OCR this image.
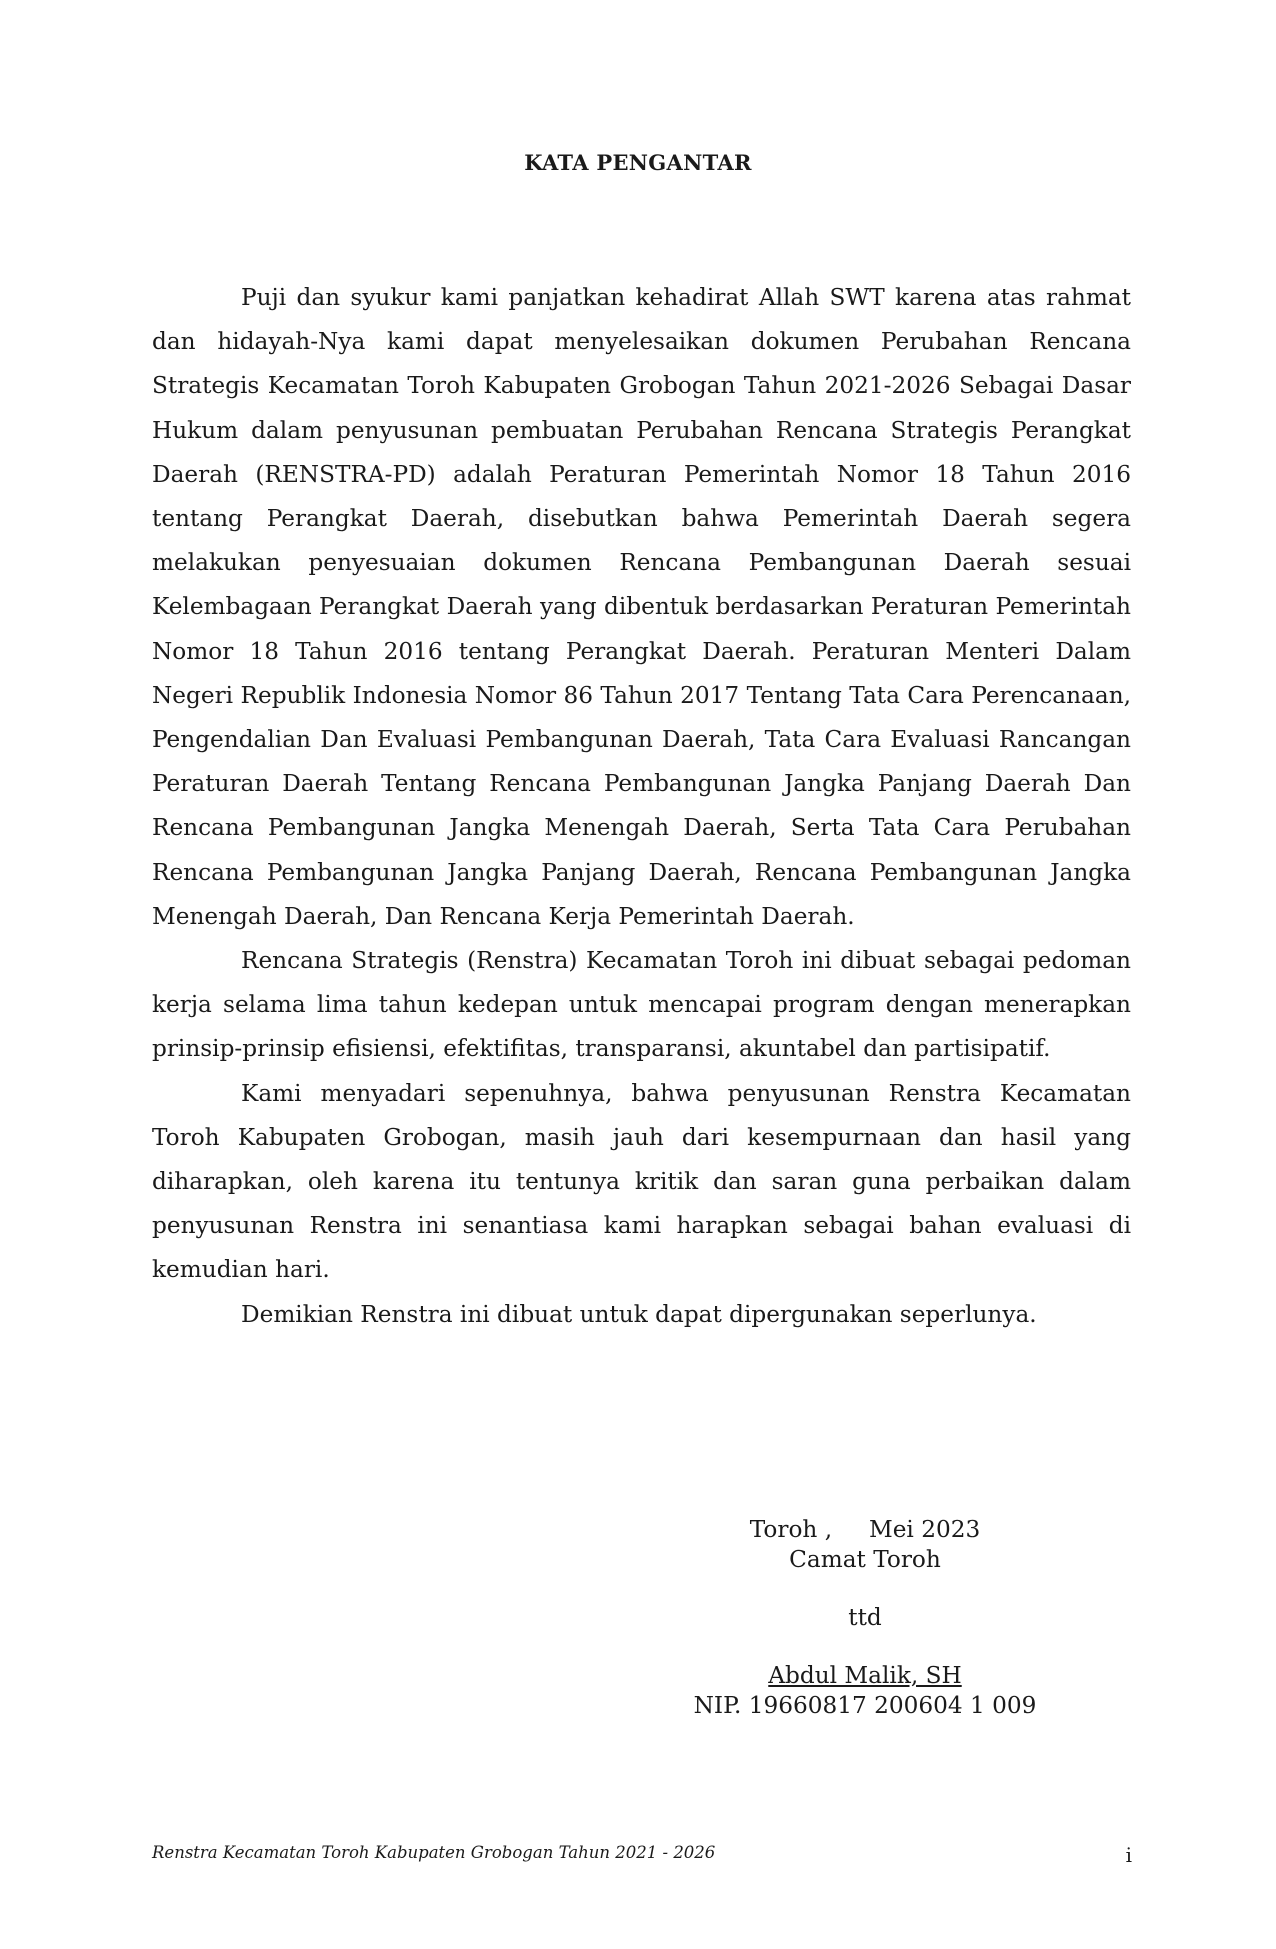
KATA PENGANTAR

Puji dan syukur kami panjatkan kehadirat Allah SWT karena atas rahmat dan hidayah-Nya kami dapat menyelesaikan dokumen Perubahan Rencana Strategis Kecamatan Toroh Kabupaten Grobogan Tahun 2021-2026 Sebagai Dasar Hukum dalam penyusunan pembuatan Perubahan Rencana Strategis Perangkat Daerah (RENSTRA-PD) adalah Peraturan Pemerintah Nomor 18 Tahun 2016 tentang Perangkat Daerah, disebutkan bahwa Pemerintah Daerah segera melakukan penyesuaian dokumen Rencana Pembangunan Daerah sesuai Kelembagaan Perangkat Daerah yang dibentuk berdasarkan Peraturan Pemerintah Nomor 18 Tahun 2016 tentang Perangkat Daerah. Peraturan Menteri Dalam Negeri Republik Indonesia Nomor 86 Tahun 2017 Tentang Tata Cara Perencanaan, Pengendalian Dan Evaluasi Pembangunan Daerah, Tata Cara Evaluasi Rancangan Peraturan Daerah Tentang Rencana Pembangunan Jangka Panjang Daerah Dan Rencana Pembangunan Jangka Menengah Daerah, Serta Tata Cara Perubahan Rencana Pembangunan Jangka Panjang Daerah, Rencana Pembangunan Jangka Menengah Daerah, Dan Rencana Kerja Pemerintah Daerah.

Rencana Strategis (Renstra) Kecamatan Toroh ini dibuat sebagai pedoman kerja selama lima tahun kedepan untuk mencapai program dengan menerapkan prinsip-prinsip efisiensi, efektifitas, transparansi, akuntabel dan partisipatif.

Kami menyadari sepenuhnya, bahwa penyusunan Renstra Kecamatan Toroh Kabupaten Grobogan, masih jauh dari kesempurnaan dan hasil yang diharapkan, oleh karena itu tentunya kritik dan saran guna perbaikan dalam penyusunan Renstra ini senantiasa kami harapkan sebagai bahan evaluasi di kemudian hari.

Demikian Renstra ini dibuat untuk dapat dipergunakan seperlunya.

Toroh ,     Mei 2023
Camat Toroh
ttd
Abdul Malik, SH
NIP. 19660817 200604 1 009
Renstra Kecamatan Toroh Kabupaten Grobogan Tahun 2021 - 2026	i
